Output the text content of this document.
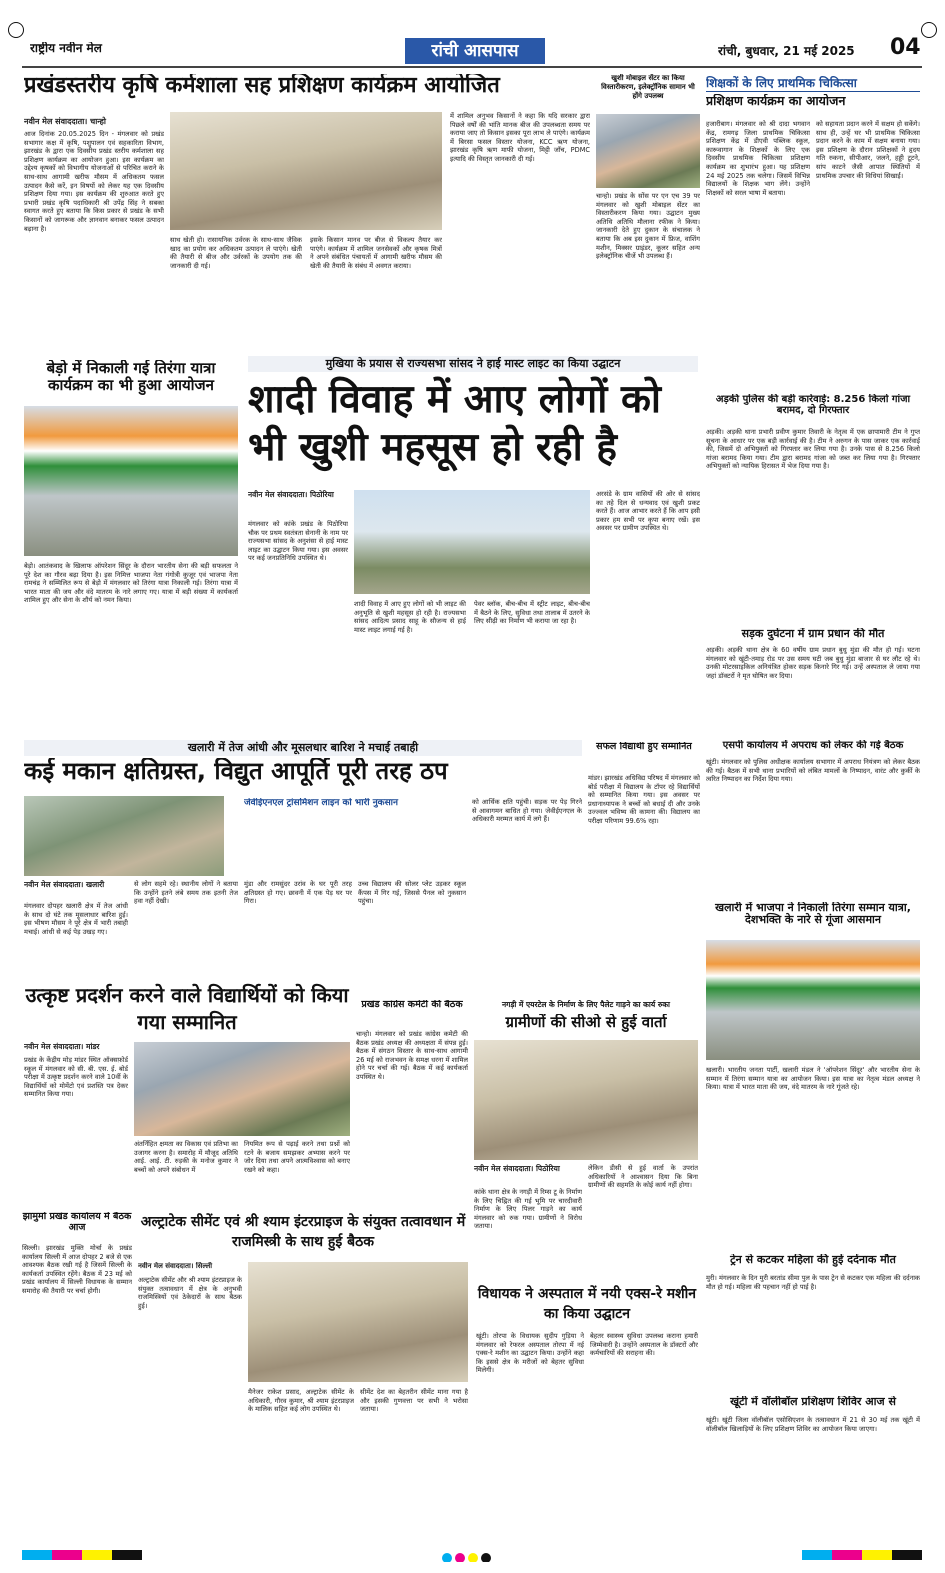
राष्ट्रीय नवीन मेल	रांची आसपास	रांची, बुधवार, 21 मई 2025	04
प्रखंडस्तरीय कृषि कर्मशाला सह प्रशिक्षण कार्यक्रम आयोजित
नवीन मेल संवाददाता। चान्हो
आज दिनांक 20.05.2025 दिन - मंगलवार को प्रखंड सभागार कक्ष में कृषि, पशुपालन एवं सहकारिता विभाग, झारखंड के द्वारा एक दिवसीय प्रखंड स्तरीय कर्मशाला सह प्रशिक्षण कार्यक्रम का आयोजन हुआ। इस कार्यक्रम का उद्देश्य कृषकों को विभागीय योजनाओं से परिचित कराने के साथ-साथ आगामी खरीफ मौसम में अधिकतम फसल उत्पादन कैसे करें, इन विषयों को लेकर यह एक दिवसीय प्रशिक्षण दिया गया। इस कार्यक्रम की शुरुआत करते हुए प्रभारी प्रखंड कृषि पदाधिकारी श्री उपेंद्र सिंह ने सबका स्वागत करते हुए बताया कि किस प्रकार से प्रखंड के सभी किसानों को जागरूक और ज्ञानवान बनाकर फसल उत्पादन बढ़ाना है।
साथ खेती हो। रासायनिक उर्वरक के साथ-साथ जैविक खाद का प्रयोग कर अधिकतम उत्पादन ले पाएंगे। खेती की तैयारी से बीज और उर्वरकों के उपयोग तक की जानकारी दी गई।
इसके किसान मानव पर बीज से विकल्प तैयार कर पाएंगे। कार्यक्रम में शामिल जनसेवकों और कृषक मित्रों ने अपने संबंधित पंचायतों में आगामी खरीफ मौसम की खेती की तैयारी के संबंध में अवगत कराया।
में शामिल अनुभव किसानों ने कहा कि यदि सरकार द्वारा पिछले वर्षों की भांति मानक बीज की उपलब्धता समय पर कराया जाए तो किसान इसका पूरा लाभ ले पाएंगे। कार्यक्रम में बिरसा फसल विस्तार योजना, KCC ऋण योजना, झारखंड कृषि ऋण माफी योजना, मिट्टी जाँच, PDMC इत्यादि की विस्तृत जानकारी दी गई।
खुशी मोबाइल सेंटर का किया विस्तारीकरण, इलेक्ट्रॉनिक सामान भी होंगे उपलब्ध
चान्हो। प्रखंड के सोंस पर एन एच 39 पर मंगलवार को खुशी मोबाइल सेंटर का विस्तारीकरण किया गया। उद्घाटन मुख्य अतिथि अतिथि मौलाना रफीक ने किया। जानकारी देते हुए दुकान के संचालक ने बताया कि अब इस दुकान में फ्रिज, वाशिंग मशीन, मिक्सर ग्राइंडर, कूलर सहित अन्य इलेक्ट्रॉनिक चीजें भी उपलब्ध हैं।
शिक्षकों के लिए प्राथमिक चिकित्सा
प्रशिक्षण कार्यक्रम का आयोजन
हजारीबाग। मंगलवार को श्री दादा भगवान केंद्र, रामगढ़ जिला प्राथमिक चिकित्सा प्रशिक्षण केंद्र में डीएवी पब्लिक स्कूल, कारूवागान के शिक्षकों के लिए एक दिवसीय प्राथमिक चिकित्सा प्रशिक्षण कार्यक्रम का शुभारंभ हुआ। यह प्रशिक्षण 24 मई 2025 तक चलेगा। जिसमें विभिन्न विद्यालयों के शिक्षक भाग लेंगे। उन्होंने शिक्षकों को सरल भाषा में बताया।
को सहायता प्रदान करने में सक्षम हो सकेंगे। साथ ही, उन्हें घर भी प्राथमिक चिकित्सा प्रदान करने के काम में सक्षम बनाया गया। इस प्रशिक्षण के दौरान प्रशिक्षकों ने हृदय गति रुकना, सीपीआर, जलने, हड्डी टूटने, सांप काटने जैसी आपात स्थितियों में प्राथमिक उपचार की विधियां सिखाईं।
बेड़ो में निकाली गई तिरंगा यात्रा कार्यक्रम का भी हुआ आयोजन
बेड़ो। आतंकवाद के खिलाफ ऑपरेशन सिंदूर के दौरान भारतीय सेना की बड़ी सफलता ने पूरे देश का गौरव बढ़ा दिया है। इस निमित्त भाजपा नेता गंगोत्री कुजूर एवं भाजपा नेता रामचंद्र ने सम्मिलित रूप से बेड़ो में मंगलवार को तिरंगा यात्रा निकाली गई। तिरंगा यात्रा में भारत माता की जय और वंदे मातरम के नारे लगाए गए। यात्रा में बड़ी संख्या में कार्यकर्ता शामिल हुए और सेना के शौर्य को नमन किया।
मुखिया के प्रयास से राज्यसभा सांसद ने हाई मास्ट लाइट का किया उद्घाटन
शादी विवाह में आए लोगों को भी खुशी महसूस हो रही है
नवीन मेल संवाददाता। पिठोरिया
मंगलवार को कांके प्रखंड के पिठोरिया चौक पर प्रथम स्वतंत्रता सेनानी के नाम पर राज्यसभा सांसद के अनुशंसा से हाई मास्ट लाइट का उद्घाटन किया गया। इस अवसर पर कई जनप्रतिनिधि उपस्थित थे।
शादी विवाह में आए हुए लोगों को भी लाइट की अनुभूति से खुशी महसूस हो रही है। राज्यसभा सांसद आदित्य प्रसाद साहू के सौजन्य से हाई मास्ट लाइट लगाई गई है।
पेवर ब्लॉक, बीच-बीच में स्ट्रीट लाइट, बीच-बीच में बैठने के लिए, सुविधा तथा तालाब में उतरने के लिए सीढ़ी का निर्माण भी कराया जा रहा है।
अरसंडे के ग्राम वासियों की ओर से सांसद का तहे दिल से धन्यवाद एवं खुशी प्रकट करते हैं। आज आभार करते हैं कि आप इसी प्रकार हम सभी पर कृपा बनाए रखें। इस अवसर पर ग्रामीण उपस्थित थे।
अड़की पुलिस की बड़ी कार्रवाई: 8.256 किलो गांजा बरामद, दो गिरफ्तार
अड़की। अड़की थाना प्रभारी प्रवीण कुमार तिवारी के नेतृत्व में एक छापामारी टीम ने गुप्त सूचना के आधार पर एक बड़ी कार्रवाई की है। टीम ने अरुगन के पास जाकर एक कार्रवाई की, जिसमें दो अभियुक्तों को गिरफ्तार कर लिया गया है। उनके पास से 8.256 किलो गांजा बरामद किया गया। टीम द्वारा बरामद गांजा को जब्त कर लिया गया है। गिरफ्तार अभियुक्तों को न्यायिक हिरासत में भेज दिया गया है।
सड़क दुर्घटना में ग्राम प्रधान की मौत
अड़की। अड़की थाना क्षेत्र के 60 वर्षीय ग्राम प्रधान बुधु मुंडा की मौत हो गई। घटना मंगलवार को खूंटी-तमाड़ रोड पर उस समय घटी जब बुधु मुंडा बाजार से घर लौट रहे थे। उनकी मोटरसाइकिल अनियंत्रित होकर सड़क किनारे गिर गई। उन्हें अस्पताल ले जाया गया जहां डॉक्टरों ने मृत घोषित कर दिया।
खलारी में तेज आंधी और मूसलधार बारिश ने मचाई तबाही
कई मकान क्षतिग्रस्त, विद्युत आपूर्ति पूरी तरह ठप
नवीन मेल संवाददाता। खलारी
मंगलवार दोपहर खलारी क्षेत्र में तेज आंधी के साथ दो घंटे तक मूसलाधार बारिश हुई। इस भीषण मौसम ने पूरे क्षेत्र में भारी तबाही मचाई। आंधी से कई पेड़ उखड़ गए।
से लोग सहमे रहे। स्थानीय लोगों ने बताया कि उन्होंने इतने लंबे समय तक इतनी तेज हवा नहीं देखी।
जेवीईएनएल ट्रांसमिशन लाइन को भारी नुकसान
मुंडा और रामसुंदर उरांव के घर पूरी तरह क्षतिग्रस्त हो गए। छावनी में एक पेड़ घर पर गिरा।
उच्च विद्यालय की सोलर प्लेट उड़कर स्कूल कैंपस में गिर गई, जिससे पैनल को नुकसान पहुंचा।
को आर्थिक क्षति पहुंची। सड़क पर पेड़ गिरने से आवागमन बाधित हो गया। जेवीईएनएल के अधिकारी मरम्मत कार्य में लगे हैं।
सफल विद्यार्थी हुए सम्मानित
मांडर। झारखंड अधिविद्य परिषद में मंगलवार को बोर्ड परीक्षा में विद्यालय के टॉपर रहे विद्यार्थियों को सम्मानित किया गया। इस अवसर पर प्रधानाध्यापक ने बच्चों को बधाई दी और उनके उज्ज्वल भविष्य की कामना की। विद्यालय का परीक्षा परिणाम 99.6% रहा।
एसपी कार्यालय में अपराध को लेकर की गई बैठक
खूंटी। मंगलवार को पुलिस अधीक्षक कार्यालय सभागार में अपराध नियंत्रण को लेकर बैठक की गई। बैठक में सभी थाना प्रभारियों को लंबित मामलों के निष्पादन, वारंट और कुर्की के त्वरित निष्पादन का निर्देश दिया गया।
खलारी में भाजपा ने निकाली तिरंगा सम्मान यात्रा, देशभक्ति के नारे से गूंजा आसमान
खलारी। भारतीय जनता पार्टी, खलारी मंडल ने 'ऑपरेशन सिंदूर' और भारतीय सेना के सम्मान में तिरंगा सम्मान यात्रा का आयोजन किया। इस यात्रा का नेतृत्व मंडल अध्यक्ष ने किया। यात्रा में भारत माता की जय, वंदे मातरम के नारे गूंजते रहे।
उत्कृष्ट प्रदर्शन करने वाले विद्यार्थियों को किया गया सम्मानित
नवीन मेल संवाददाता। मांडर
प्रखंड के केंद्रीय मोड़ मांडर स्थित ऑक्सफ़ोर्ड स्कूल में मंगलवार को सी. बी. एस. ई. बोर्ड परीक्षा में उत्कृष्ट प्रदर्शन करने वाले 10वीं के विद्यार्थियों को मोमेंटो एवं प्रशस्ति पत्र देकर सम्मानित किया गया।
अंतर्निहित क्षमता का विकास एवं प्रतिभा का उजागर करना है। समारोह में मौजूद अतिथि आई. आई. टी. रुड़की के मनोज कुमार ने बच्चों को अपने संबोधन में
नियमित रूप से पढ़ाई करने तथा प्रश्नों को रटने के बजाय समझकर अभ्यास करने पर जोर दिया तथा अपने आत्मविश्वास को बनाए रखने को कहा।
प्रखंड कांग्रेस कमेटी की बैठक
चान्हो। मंगलवार को प्रखंड कांग्रेस कमेटी की बैठक प्रखंड अध्यक्ष की अध्यक्षता में संपन्न हुई। बैठक में संगठन विस्तार के साथ-साथ आगामी 26 मई को राजभवन के समक्ष धरना में शामिल होने पर चर्चा की गई। बैठक में कई कार्यकर्ता उपस्थित थे।
नगड़ी में एयरटेल के निर्माण के लिए पैलेट गाड़ने का कार्य रुका
ग्रामीणों की सीओ से हुई वार्ता
नवीन मेल संवाददाता। पिठोरिया
कांके थाना क्षेत्र के नगड़ी में रिम्स टू के निर्माण के लिए चिह्नित की गई भूमि पर चारदीवारी निर्माण के लिए पिलर गाड़ने का कार्य मंगलवार को रुक गया। ग्रामीणों ने विरोध जताया।
लेकिन डीसी से हुई वार्ता के उपरांत अधिकारियों ने आश्वासन दिया कि बिना ग्रामीणों की सहमति के कोई कार्य नहीं होगा।
झामुमो प्रखंड कार्यालय में बैठक आज
सिल्ली। झारखंड मुक्ति मोर्चा के प्रखंड कार्यालय सिल्ली में आज दोपहर 2 बजे से एक आवश्यक बैठक रखी गई है जिसमें सिल्ली के कार्यकर्ता उपस्थित रहेंगे। बैठक में 23 मई को प्रखंड कार्यालय में सिल्ली विधायक के सम्मान समारोह की तैयारी पर चर्चा होगी।
अल्ट्राटेक सीमेंट एवं श्री श्याम इंटरप्राइज के संयुक्त तत्वावधान में राजमिस्त्री के साथ हुई बैठक
नवीन मेल संवाददाता। सिल्ली
अल्ट्राटेक सीमेंट और श्री श्याम इंटरप्राइज के संयुक्त तत्वावधान में क्षेत्र के अनुभवी राजमिस्त्रियों एवं ठेकेदारों के साथ बैठक हुई।
मैनेजर राकेश प्रसाद, अल्ट्राटेक सीमेंट के अधिकारी, गौरव कुमार, श्री श्याम इंटरप्राइज के मालिक सहित कई लोग उपस्थित थे।
सीमेंट देश का बेहतरीन सीमेंट माना गया है और इसकी गुणवत्ता पर सभी ने भरोसा जताया।
विधायक ने अस्पताल में नयी एक्स-रे मशीन का किया उद्घाटन
खूंटी। तोरपा के विधायक सुदीप गुड़िया ने मंगलवार को रेफरल अस्पताल तोरपा में नई एक्स-रे मशीन का उद्घाटन किया। उन्होंने कहा कि इससे क्षेत्र के मरीजों को बेहतर सुविधा मिलेगी।
बेहतर स्वास्थ्य सुविधा उपलब्ध कराना हमारी जिम्मेवारी है। उन्होंने अस्पताल के डॉक्टरों और कर्मचारियों की सराहना की।
ट्रेन से कटकर महिला की हुई दर्दनाक मौत
मुरी। मंगलवार के दिन मुरी बरतांड सीमा पुल के पास ट्रेन से कटकर एक महिला की दर्दनाक मौत हो गई। महिला की पहचान नहीं हो पाई है।
खूंटी में वॉलीबॉल प्रशिक्षण शिविर आज से
खूंटी। खूंटी जिला वॉलीबॉल एसोसिएशन के तत्वावधान में 21 से 30 मई तक खूंटी में वॉलीबॉल खिलाड़ियों के लिए प्रशिक्षण शिविर का आयोजन किया जाएगा।
